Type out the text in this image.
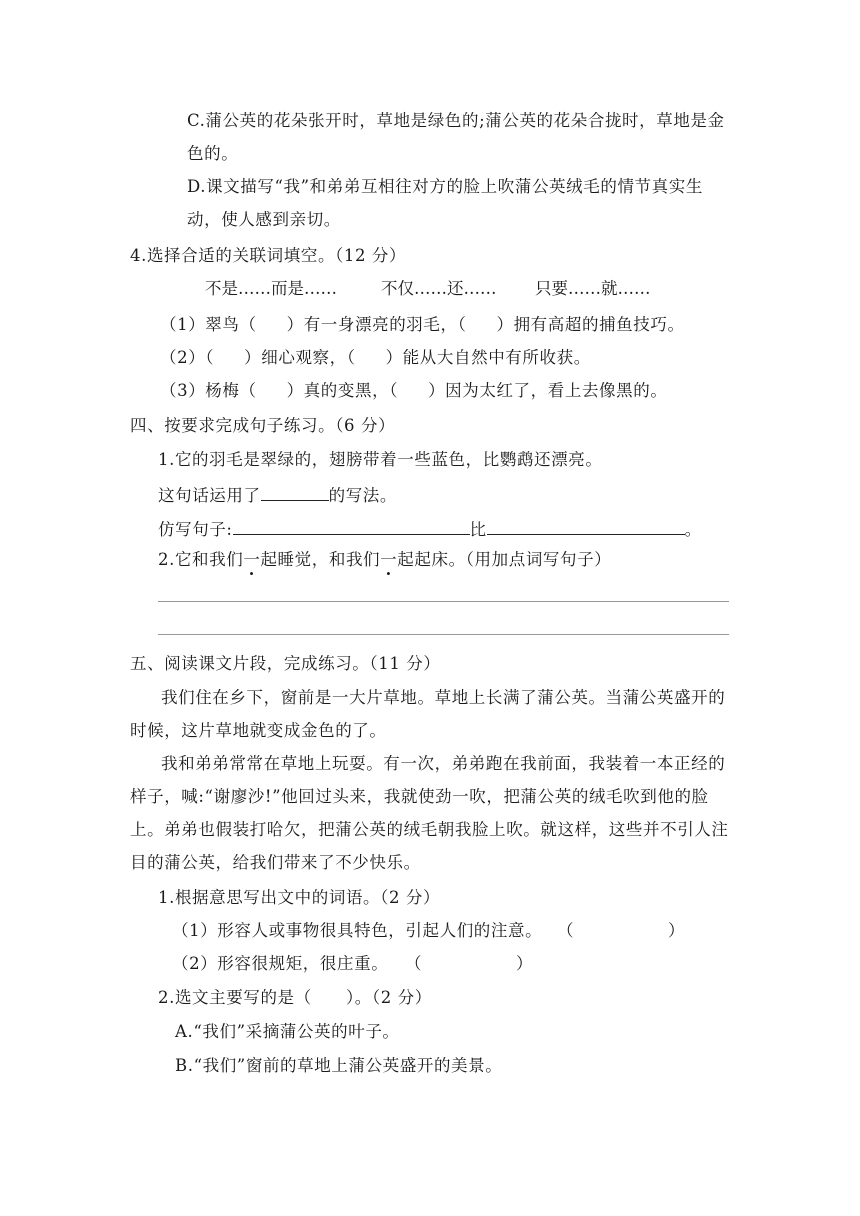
C.蒲公英的花朵张开时，草地是绿色的;蒲公英的花朵合拢时，草地是金
色的。
D.课文描写“我”和弟弟互相往对方的脸上吹蒲公英绒毛的情节真实生
动，使人感到亲切。
4.选择合适的关联词填空。（12 分）
不是……而是……	不仅……还…… 只要……就……
（1）翠鸟（ ）有一身漂亮的羽毛，（ ）拥有高超的捕鱼技巧。
（2）（ ）细心观察，（ ）能从大自然中有所收获。
（3）杨梅（ ）真的变黑，（ ）因为太红了，看上去像黑的。
四、按要求完成句子练习。（6 分）
1.它的羽毛是翠绿的，翅膀带着一些蓝色，比鹦鹉还漂亮。
这句话运用了	的写法。
仿写句子:	比	。
2.它和我们一起睡觉，和我们一起起床。（用加点词写句子）
五、阅读课文片段，完成练习。（11 分）
我们住在乡下，窗前是一大片草地。草地上长满了蒲公英。当蒲公英盛开的
时候，这片草地就变成金色的了。
我和弟弟常常在草地上玩耍。有一次，弟弟跑在我前面，我装着一本正经的
样子，喊:“谢廖沙!”他回过头来，我就使劲一吹，把蒲公英的绒毛吹到他的脸
上。弟弟也假装打哈欠，把蒲公英的绒毛朝我脸上吹。就这样，这些并不引人注
目的蒲公英，给我们带来了不少快乐。
1.根据意思写出文中的词语。（2 分）
（1）形容人或事物很具特色，引起人们的注意。 （	）
（2）形容很规矩，很庄重。 （	）
2.选文主要写的是（　　）。（2 分）
A.“我们”采摘蒲公英的叶子。
B.“我们”窗前的草地上蒲公英盛开的美景。
